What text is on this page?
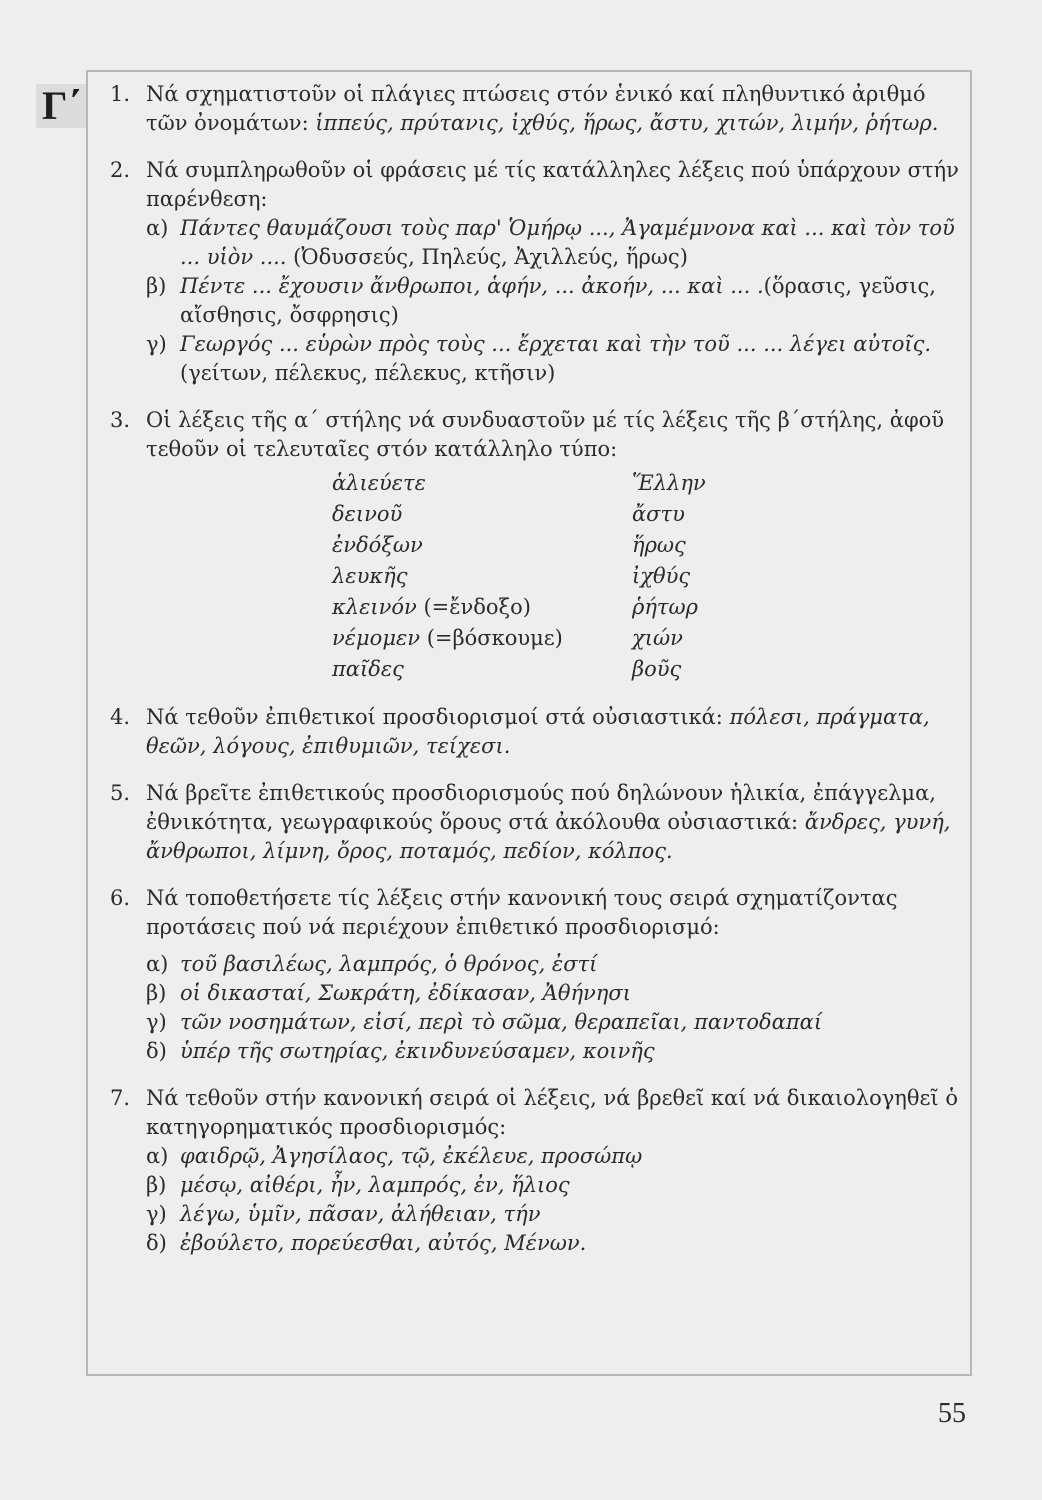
Γ΄ 1. Νά σχηματιστοῦν οἱ πλάγιες πτώσεις στόν ἑνικό καί πληθυντικό ἀριθμό τῶν ὀνομάτων: ἱππεύς, πρύτανις, ἰχθύς, ἥρως, ἄστυ, χιτών, λιμήν, ῥήτωρ.

2. Νά συμπληρωθοῦν οἱ φράσεις μέ τίς κατάλληλες λέξεις πού ὑπάρχουν στήν παρένθεση:

α) Πάντες θαυμάζουσι τοὺς παρ' Ὁμήρῳ ..., Ἀγαμέμνονα καὶ ... καὶ τὸν τοῦ ... υἱὸν .... (Ὀδυσσεύς, Πηλεύς, Ἀχιλλεύς, ἥρως)
β) Πέντε ... ἔχουσιν ἄνθρωποι, ἁφήν, ... ἀκοήν, ... καὶ ... .(ὅρασις, γεῦσις, αἴσθησις, ὄσφρησις)
γ) Γεωργός ... εὑρὼν πρὸς τοὺς ... ἔρχεται καὶ τὴν τοῦ ... ... λέγει αὐτοῖς. (γείτων, πέλεκυς, πέλεκυς, κτῆσιν)
3. Οἱ λέξεις τῆς α΄ στήλης νά συνδυαστοῦν μέ τίς λέξεις τῆς β΄στήλης, ἀφοῦ τεθοῦν οἱ τελευταῖες στόν κατάλληλο τύπο:

ἁλιεύετε
δεινοῦ
ἐνδόξων
λευκῆς
κλεινόν (=ἔνδοξο)
νέμομεν (=βόσκουμε)
παῖδες
Ἕλλην
ἄστυ
ἥρως
ἰχθύς
ῥήτωρ
χιών
βοῦς
4. Νά τεθοῦν ἐπιθετικοί προσδιορισμοί στά οὐσιαστικά: πόλεσι, πράγματα, θεῶν, λόγους, ἐπιθυμιῶν, τείχεσι.

5. Νά βρεῖτε ἐπιθετικούς προσδιορισμούς πού δηλώνουν ἡλικία, ἐπάγγελμα, ἐθνικότητα, γεωγραφικούς ὅρους στά ἀκόλουθα οὐσιαστικά: ἄνδρες, γυνή, ἄνθρωποι, λίμνη, ὄρος, ποταμός, πεδίον, κόλπος.

6. Νά τοποθετήσετε τίς λέξεις στήν κανονική τους σειρά σχηματίζοντας προτάσεις πού νά περιέχουν ἐπιθετικό προσδιορισμό:

α) τοῦ βασιλέως, λαμπρός, ὁ θρόνος, ἐστί
β) οἱ δικασταί, Σωκράτη, ἐδίκασαν, Ἀθήνησι
γ) τῶν νοσημάτων, εἰσί, περὶ τὸ σῶμα, θεραπεῖαι, παντοδαπαί
δ) ὑπέρ τῆς σωτηρίας, ἐκινδυνεύσαμεν, κοινῆς
7. Νά τεθοῦν στήν κανονική σειρά οἱ λέξεις, νά βρεθεῖ καί νά δικαιολογηθεῖ ὁ κατηγορηματικός προσδιορισμός:

α) φαιδρῷ, Ἀγησίλαος, τῷ, ἐκέλευε, προσώπῳ
β) μέσῳ, αἰθέρι, ἦν, λαμπρός, ἐν, ἥλιος
γ) λέγω, ὑμῖν, πᾶσαν, ἀλήθειαν, τήν
δ) ἐβούλετο, πορεύεσθαι, αὐτός, Μένων.
55
